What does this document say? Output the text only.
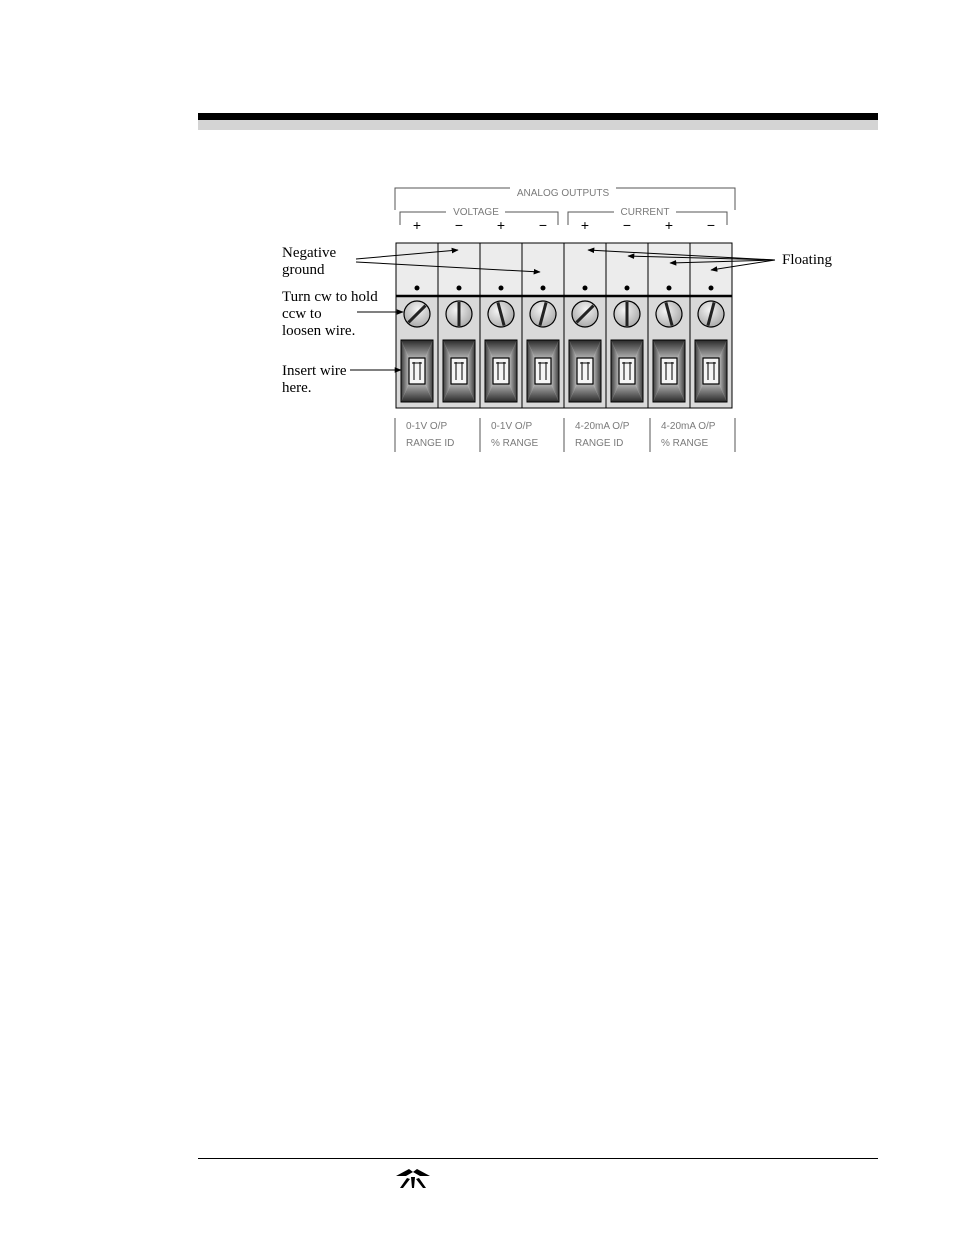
ANALOG OUTPUTS
VOLTAGE	CURRENT
+ − + − + − + −
0-1V O/P
RANGE ID
0-1V O/P
% RANGE
4-20mA O/P
RANGE ID
4-20mA O/P
% RANGE
Negative
ground
Turn cw to hold
ccw to
loosen wire.
Insert wire
here.
Floating
